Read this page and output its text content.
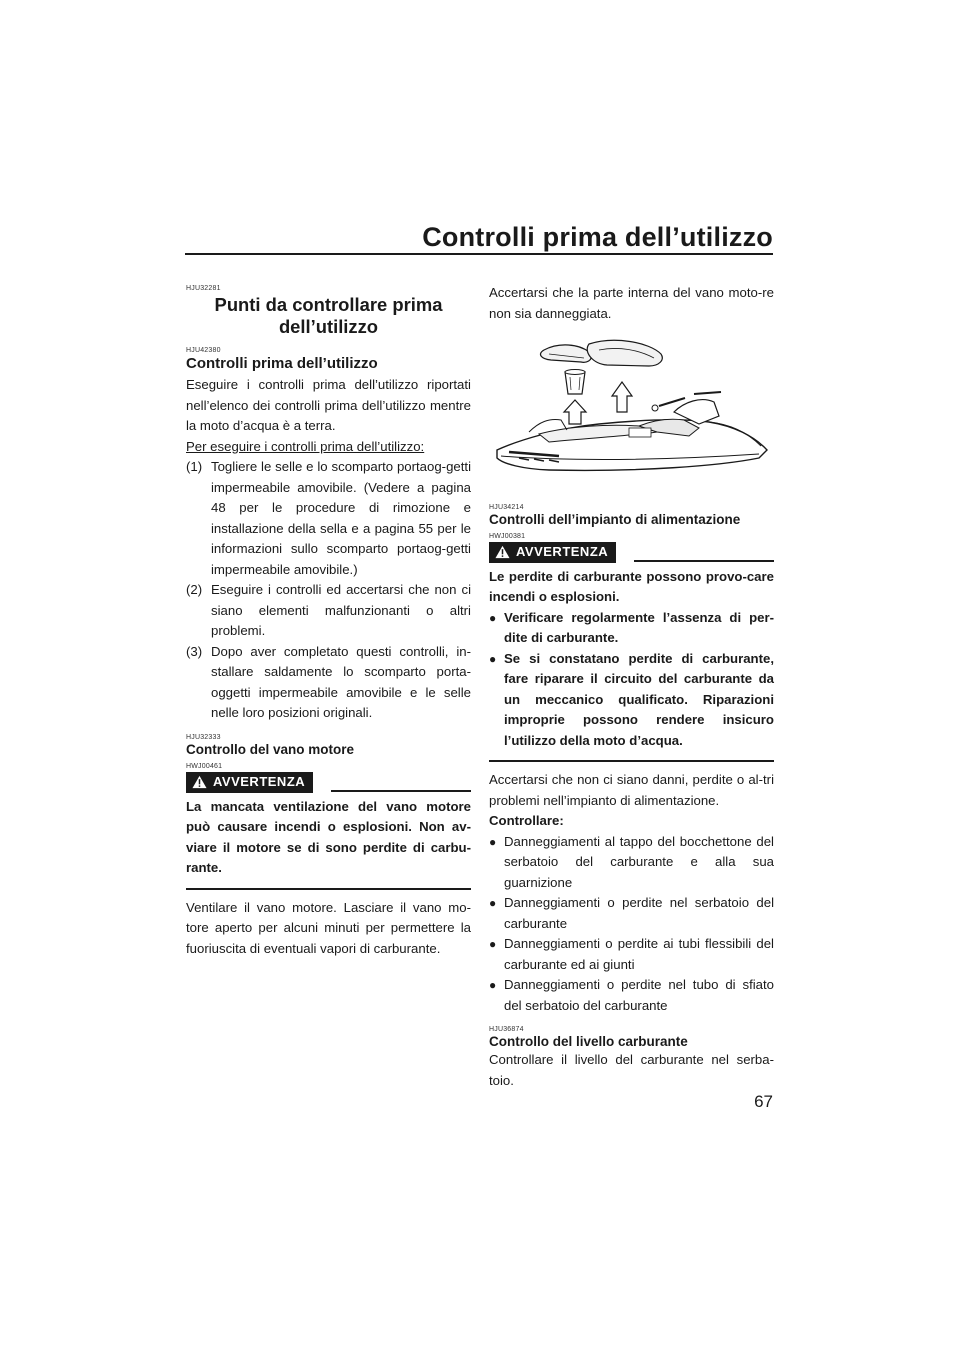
Controlli prima dell’utilizzo
HJU32281
Punti da controllare prima dell’utilizzo
HJU42380
Controlli prima dell’utilizzo

Eseguire i controlli prima dell’utilizzo riportati nell’elenco dei controlli prima dell’utilizzo mentre la moto d’acqua è a terra.

Per eseguire i controlli prima dell’utilizzo:
(1) Togliere le selle e lo scomparto portaog-getti impermeabile amovibile. (Vedere a pagina 48 per le procedure di rimozione e installazione della sella e a pagina 55 per le informazioni sullo scomparto portaog-getti impermeabile amovibile.)
(2) Eseguire i controlli ed accertarsi che non ci siano elementi malfunzionanti o altri problemi.
(3) Dopo aver completato questi controlli, in-stallare saldamente lo scomparto porta-oggetti impermeabile amovibile e le selle nelle loro posizioni originali.
HJU32333
Controllo del vano motore
HWJ00461
AVVERTENZA
La mancata ventilazione del vano motore può causare incendi o esplosioni. Non av-viare il motore se di sono perdite di carbu-rante.

Ventilare il vano motore. Lasciare il vano mo-tore aperto per alcuni minuti per permettere la fuoriuscita di eventuali vapori di carburante.

Accertarsi che la parte interna del vano moto-re non sia danneggiata.

HJU34214
Controlli dell’impianto di alimentazione
HWJ00381
AVVERTENZA
Le perdite di carburante possono provo-care incendi o esplosioni.
● Verificare regolarmente l’assenza di per-dite di carburante.
● Se si constatano perdite di carburante, fare riparare il circuito del carburante da un meccanico qualificato. Riparazioni improprie possono rendere insicuro l’utilizzo della moto d’acqua.

Accertarsi che non ci siano danni, perdite o al-tri problemi nell’impianto di alimentazione.

Controllare:
● Danneggiamenti al tappo del bocchettone del serbatoio del carburante e alla sua guarnizione
● Danneggiamenti o perdite nel serbatoio del carburante
● Danneggiamenti o perdite ai tubi flessibili del carburante ed ai giunti
● Danneggiamenti o perdite nel tubo di sfiato del serbatoio del carburante
HJU36874
Controllo del livello carburante

Controllare il livello del carburante nel serba-toio.

67
